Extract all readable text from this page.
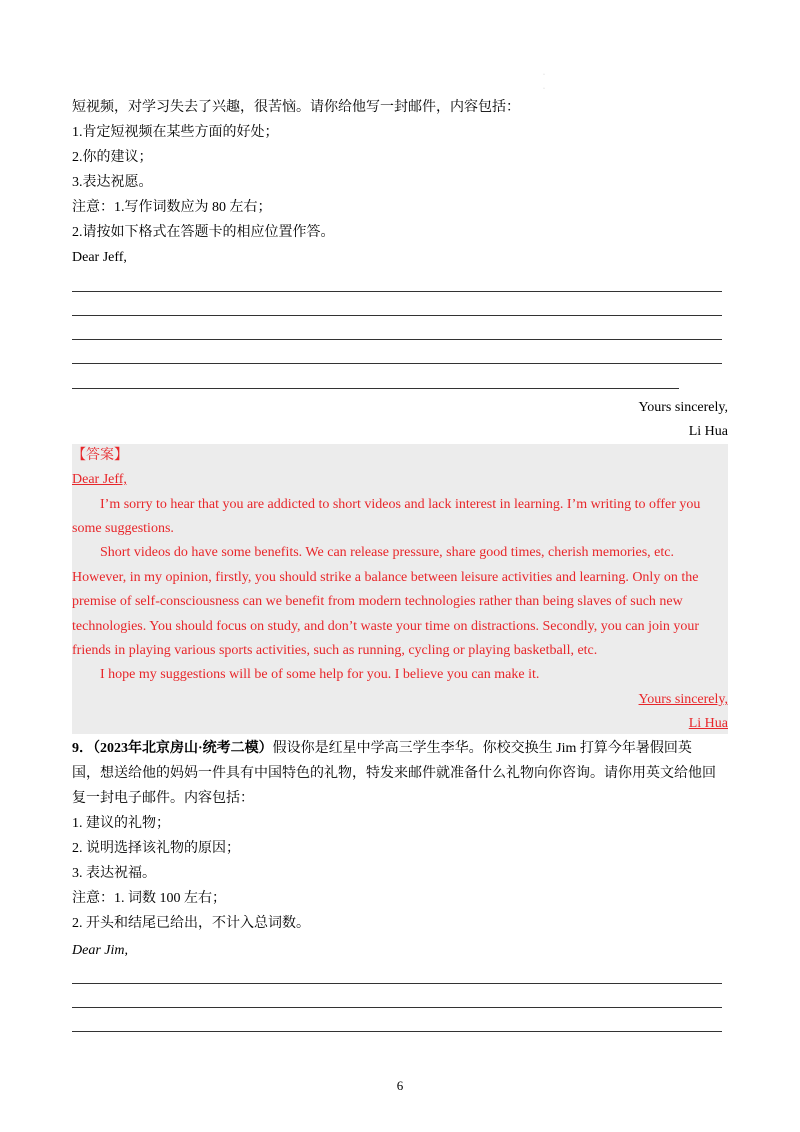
·
·
短视频，对学习失去了兴趣，很苦恼。请你给他写一封邮件，内容包括：
1.肯定短视频在某些方面的好处；
2.你的建议；
3.表达祝愿。
注意：1.写作词数应为 80 左右；
2.请按如下格式在答题卡的相应位置作答。
Dear Jeff,
Yours sincerely,
Li Hua
【答案】
Dear Jeff,
I’m sorry to hear that you are addicted to short videos and lack interest in learning. I’m writing to offer you
some suggestions.
Short videos do have some benefits. We can release pressure, share good times, cherish memories, etc.
However, in my opinion, firstly, you should strike a balance between leisure activities and learning. Only on the
premise of self-consciousness can we benefit from modern technologies rather than being slaves of such new
technologies. You should focus on study, and don’t waste your time on distractions. Secondly, you can join your
friends in playing various sports activities, such as running, cycling or playing basketball, etc.
I hope my suggestions will be of some help for you. I believe you can make it.
Yours sincerely,
Li Hua
9．（2023年北京房山·统考二模）假设你是红星中学高三学生李华。你校交换生 Jim 打算今年暑假回英
国，想送给他的妈妈一件具有中国特色的礼物，特发来邮件就准备什么礼物向你咨询。请你用英文给他回
复一封电子邮件。内容包括：
1. 建议的礼物；
2. 说明选择该礼物的原因；
3. 表达祝福。
注意：1. 词数 100 左右；
2. 开头和结尾已给出，不计入总词数。
Dear Jim,
6
